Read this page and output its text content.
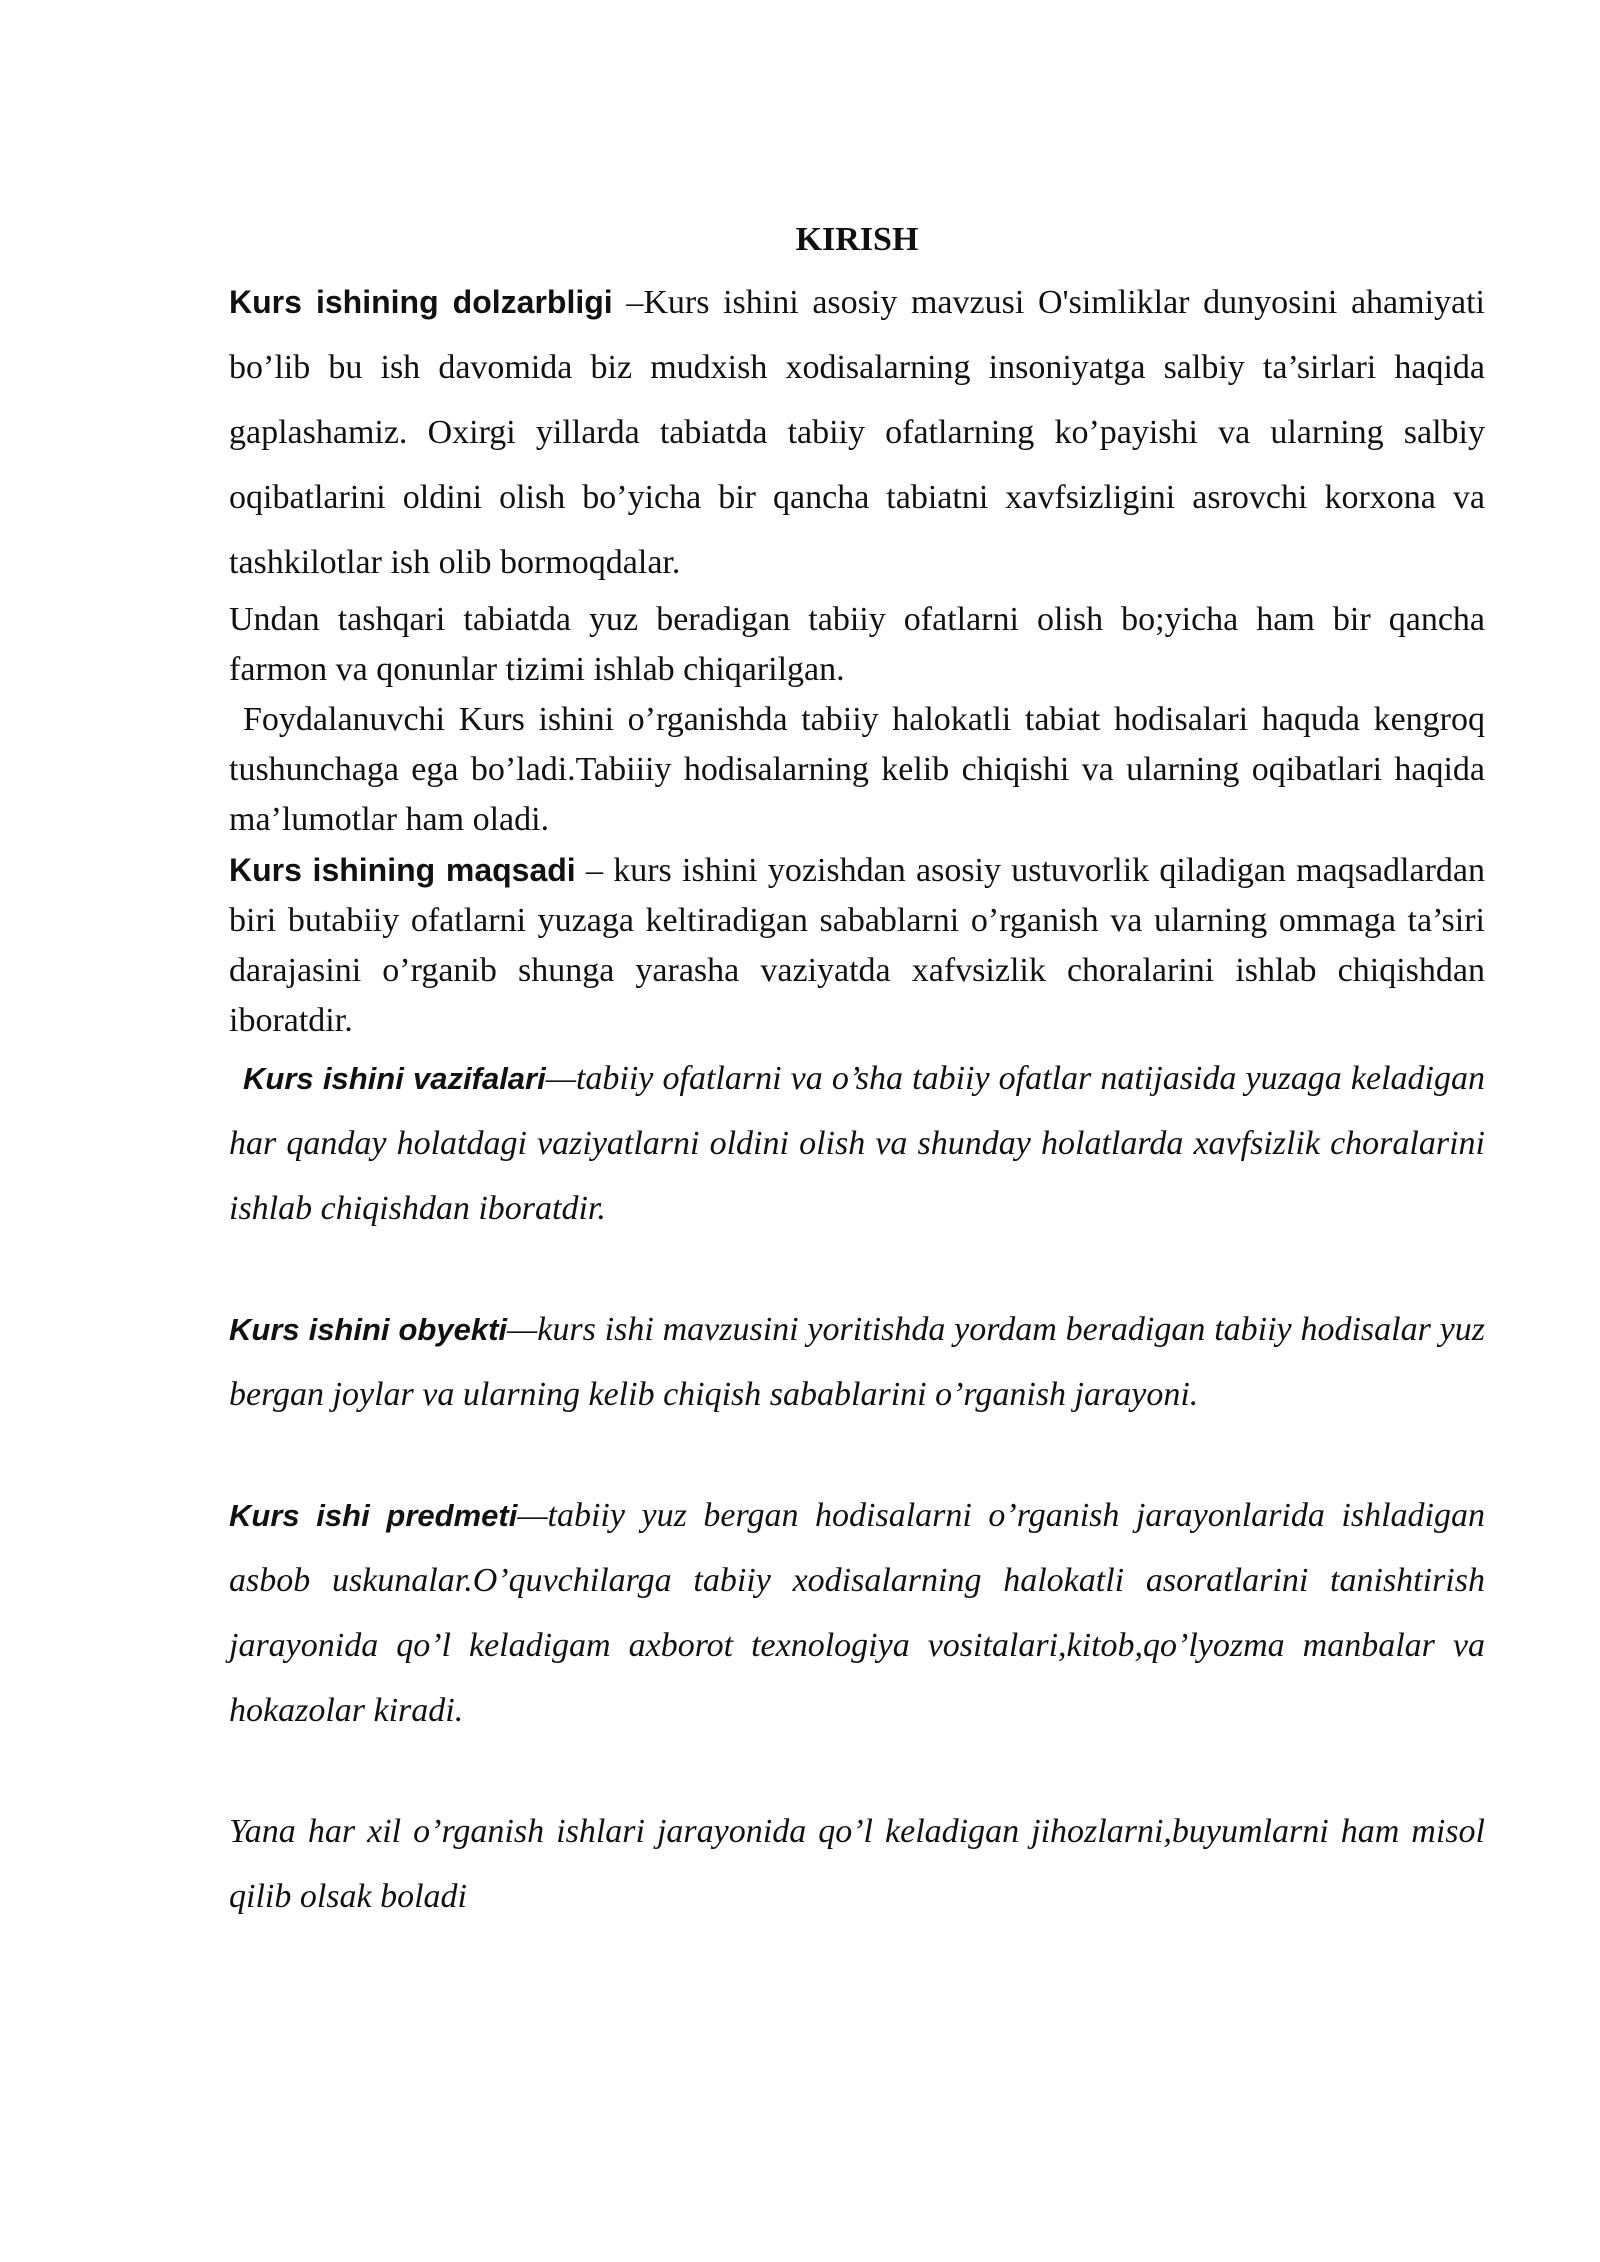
KIRISH

Kurs ishining dolzarbligi –Kurs ishini asosiy mavzusi O'simliklar dunyosini ahamiyati bo’lib bu ish davomida biz mudxish xodisalarning insoniyatga salbiy ta’sirlari haqida gaplashamiz. Oxirgi yillarda tabiatda tabiiy ofatlarning ko’payishi va ularning salbiy oqibatlarini oldini olish bo’yicha bir qancha tabiatni xavfsizligini asrovchi korxona va tashkilotlar ish olib bormoqdalar.

Undan tashqari tabiatda yuz beradigan tabiiy ofatlarni olish bo;yicha ham bir qancha farmon va qonunlar tizimi ishlab chiqarilgan.

Foydalanuvchi Kurs ishini o’rganishda tabiiy halokatli tabiat hodisalari haquda kengroq tushunchaga ega bo’ladi.Tabiiiy hodisalarning kelib chiqishi va ularning oqibatlari haqida ma’lumotlar ham oladi.

Kurs ishining maqsadi – kurs ishini yozishdan asosiy ustuvorlik qiladigan maqsadlardan biri butabiiy ofatlarni yuzaga keltiradigan sabablarni o’rganish va ularning ommaga ta’siri darajasini o’rganib shunga yarasha vaziyatda xafvsizlik choralarini ishlab chiqishdan iboratdir.

Kurs ishini vazifalari—tabiiy ofatlarni va o’sha tabiiy ofatlar natijasida yuzaga keladigan har qanday holatdagi vaziyatlarni oldini olish va shunday holatlarda xavfsizlik choralarini ishlab chiqishdan iboratdir.

Kurs ishini obyekti—kurs ishi mavzusini yoritishda yordam beradigan tabiiy hodisalar yuz bergan joylar va ularning kelib chiqish sabablarini o’rganish jarayoni.

Kurs ishi predmeti—tabiiy yuz bergan hodisalarni o’rganish jarayonlarida ishladigan asbob uskunalar.O’quvchilarga tabiiy xodisalarning halokatli asoratlarini tanishtirish jarayonida qo’l keladigam axborot texnologiya vositalari,kitob,qo’lyozma manbalar va hokazolar kiradi.

Yana har xil o’rganish ishlari jarayonida qo’l keladigan jihozlarni,buyumlarni ham misol qilib olsak boladi
